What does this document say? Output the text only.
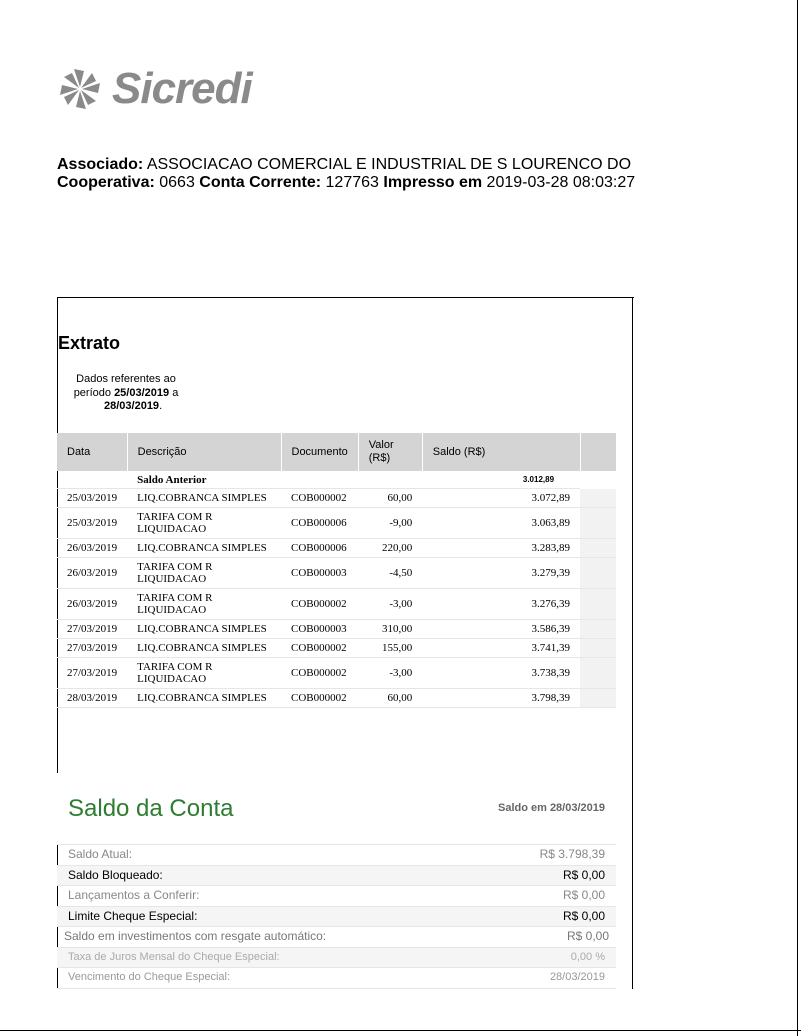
Sicredi
Associado: ASSOCIACAO COMERCIAL E INDUSTRIAL DE S LOURENCO DO
Cooperativa: 0663 Conta Corrente: 127763 Impresso em 2019-03-28 08:03:27
Extrato
Dados referentes ao
período 25/03/2019 a
28/03/2019.
Data	Descrição	Documento	Valor (R$)	Saldo (R$)	
	Saldo Anterior			3.012,89	
25/03/2019	LIQ.COBRANCA SIMPLES	COB000002	60,00	3.072,89	
25/03/2019	TARIFA COM R LIQUIDACAO	COB000006	-9,00	3.063,89	
26/03/2019	LIQ.COBRANCA SIMPLES	COB000006	220,00	3.283,89	
26/03/2019	TARIFA COM R LIQUIDACAO	COB000003	-4,50	3.279,39	
26/03/2019	TARIFA COM R LIQUIDACAO	COB000002	-3,00	3.276,39	
27/03/2019	LIQ.COBRANCA SIMPLES	COB000003	310,00	3.586,39	
27/03/2019	LIQ.COBRANCA SIMPLES	COB000002	155,00	3.741,39	
27/03/2019	TARIFA COM R LIQUIDACAO	COB000002	-3,00	3.738,39	
28/03/2019	LIQ.COBRANCA SIMPLES	COB000002	60,00	3.798,39	
Saldo da Conta	Saldo em 28/03/2019
Saldo Atual:	R$ 3.798,39
Saldo Bloqueado:	R$ 0,00
Lançamentos a Conferir:	R$ 0,00
Limite Cheque Especial:	R$ 0,00
Saldo em investimentos com resgate automático:	R$ 0,00
Taxa de Juros Mensal do Cheque Especial:	0,00 %
Vencimento do Cheque Especial:	28/03/2019
